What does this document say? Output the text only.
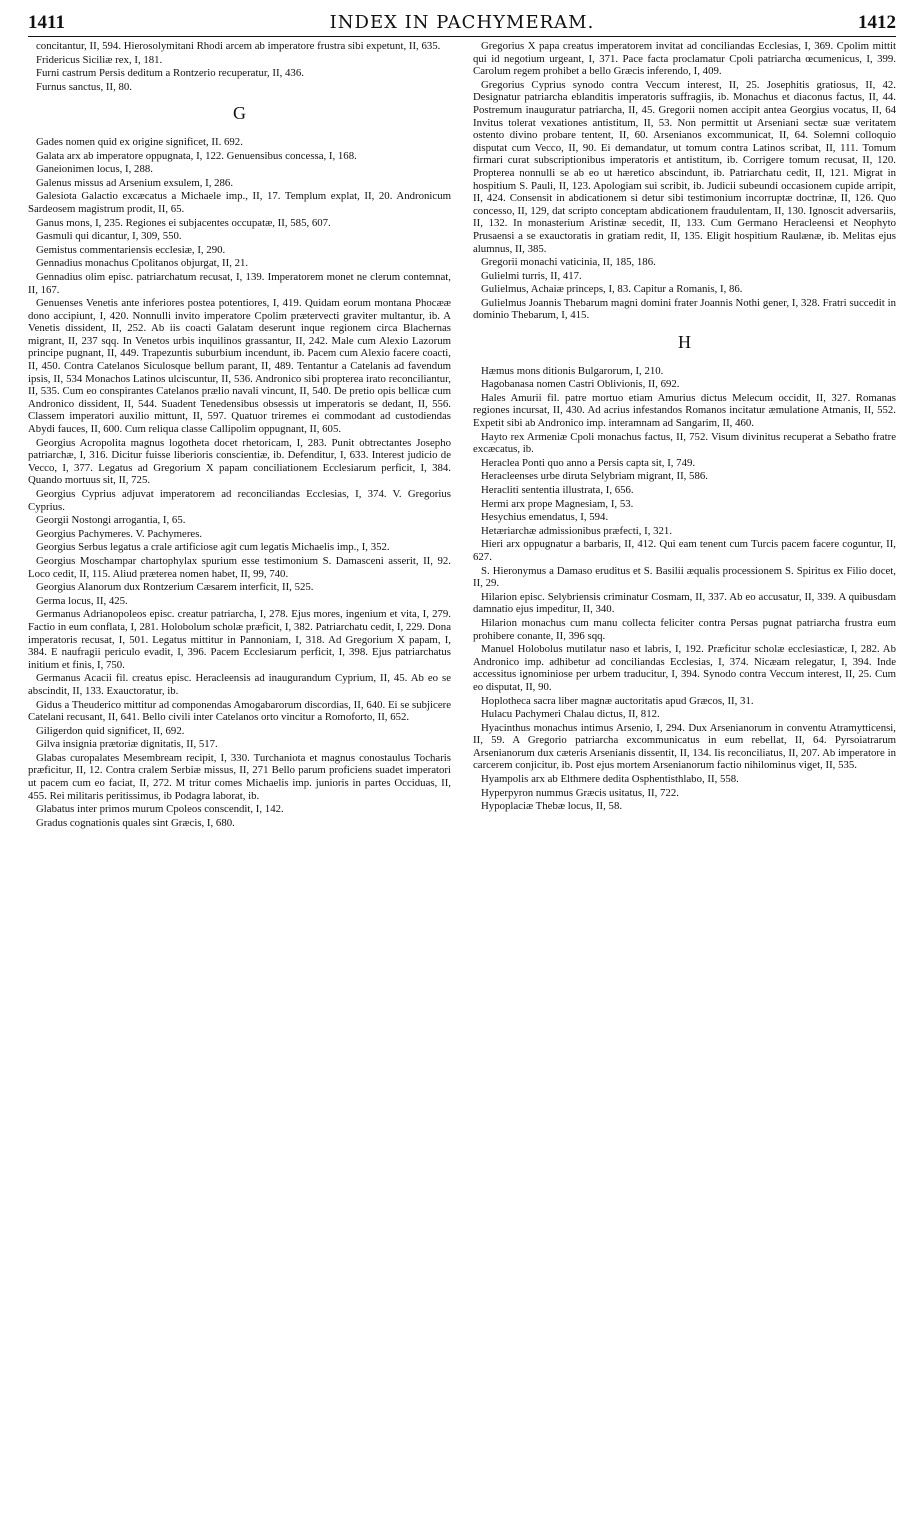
1411	INDEX IN PACHYMERAM.	1412

concitantur, II, 594. Hierosolymitani Rhodi arcem ab imperatore frustra sibi expetunt, II, 635.

Fridericus Siciliæ rex, I, 181.

Furni castrum Persis deditum a Rontzerio recuperatur, II, 436.

Furnus sanctus, II, 80.

G

Gades nomen quid ex origine significet, II. 692.

Galata arx ab imperatore oppugnata, I, 122. Genuensibus concessa, I, 168.

Ganeionimen locus, I, 288.

Galenus missus ad Arsenium exsulem, I, 286.

Galesiota Galactio excæcatus a Michaele imp., II, 17. Templum explat, II, 20. Andronicum Sardeosem magistrum prodit, II, 65.

Ganus mons, I, 235. Regiones ei subjacentes occupatæ, II, 585, 607.

Gasmuli qui dicantur, I, 309, 550.

Gemistus commentariensis ecclesiæ, I, 290.

Gennadius monachus Cpolitanos objurgat, II, 21.

Gennadius olim episc. patriarchatum recusat, I, 139. Imperatorem monet ne clerum contemnat, II, 167.

Genuenses Venetis ante inferiores postea potentiores, I, 419. Quidam eorum montana Phocææ dono accipiunt, I, 420. Nonnulli invito imperatore Cpolim prætervecti graviter multantur, ib. A Venetis dissident, II, 252. Ab iis coacti Galatam deserunt inque regionem circa Blachernas migrant, II, 237 sqq. In Venetos urbis inquilinos grassantur, II, 242. Male cum Alexio Lazorum principe pugnant, II, 449. Trapezuntis suburbium incendunt, ib. Pacem cum Alexio facere coacti, II, 450. Contra Catelanos Siculosque bellum parant, II, 489. Tentantur a Catelanis ad favendum ipsis, II, 534 Monachos Latinos ulciscuntur, II, 536. Andronico sibi propterea irato reconciliantur, II, 535. Cum eo conspirantes Catelanos prælio navali vincunt, II, 540. De pretio opis bellicæ cum Andronico dissident, II, 544. Suadent Tenedensibus obsessis ut imperatoris se dedant, II, 556. Classem imperatori auxilio mittunt, II, 597. Quatuor triremes ei commodant ad custodiendas Abydi fauces, II, 600. Cum reliqua classe Callipolim oppugnant, II, 605.

Georgius Acropolita magnus logotheta docet rhetoricam, I, 283. Punit obtrectantes Josepho patriarchæ, I, 316. Dicitur fuisse liberioris conscientiæ, ib. Defenditur, I, 633. Interest judicio de Vecco, I, 377. Legatus ad Gregorium X papam conciliationem Ecclesiarum perficit, I, 384. Quando mortuus sit, II, 725.

Georgius Cyprius adjuvat imperatorem ad reconciliandas Ecclesias, I, 374. V. Gregorius Cyprius.

Georgii Nostongi arrogantia, I, 65.

Georgius Pachymeres. V. Pachymeres.

Georgius Serbus legatus a crale artificiose agit cum legatis Michaelis imp., I, 352.

Georgius Moschampar chartophylax spurium esse testimonium S. Damasceni asserit, II, 92. Loco cedit, II, 115. Aliud præterea nomen habet, II, 99, 740.

Georgius Alanorum dux Rontzerium Cæsarem interficit, II, 525.

Germa locus, II, 425.

Germanus Adrianopoleos episc. creatur patriarcha, I, 278. Ejus mores, ingenium et vita, I, 279. Factio in eum conflata, I, 281. Holobolum scholæ præficit, I, 382. Patriarchatu cedit, I, 229. Dona imperatoris recusat, I, 501. Legatus mittitur in Pannoniam, I, 318. Ad Gregorium X papam, I, 384. E naufragii periculo evadit, I, 396. Pacem Ecclesiarum perficit, I, 398. Ejus patriarchatus initium et finis, I, 750.

Germanus Acacii fil. creatus episc. Heracleensis ad inaugurandum Cyprium, II, 45. Ab eo se abscindit, II, 133. Exauctoratur, ib.

Gidus a Theuderico mittitur ad componendas Amogabarorum discordias, II, 640. Ei se subjicere Catelani recusant, II, 641. Bello civili inter Catelanos orto vincitur a Romoforto, II, 652.

Giligerdon quid significet, II, 692.

Gilva insignia prætoriæ dignitatis, II, 517.

Glabas curopalates Mesembream recipit, I, 330. Turchaniota et magnus conostaulus Tocharis præficitur, II, 12. Contra cralem Serbiæ missus, II, 271 Bello parum proficiens suadet imperatori ut pacem cum eo faciat, II, 272. M tritur comes Michaelis imp. junioris in partes Occiduas, II, 455. Rei militaris peritissimus, ib Podagra laborat, ib.

Glabatus inter primos murum Cpoleos conscendit, I, 142.

Gradus cognationis quales sint Græcis, I, 680.

Gregorius X papa creatus imperatorem invitat ad conciliandas Ecclesias, I, 369. Cpolim mittit qui id negotium urgeant, I, 371. Pace facta proclamatur Cpoli patriarcha œcumenicus, I, 399. Carolum regem prohibet a bello Græcis inferendo, I, 409.

Gregorius Cyprius synodo contra Veccum interest, II, 25. Josephitis gratiosus, II, 42. Designatur patriarcha eblanditis imperatoris suffragiis, ib. Monachus et diaconus factus, II, 44. Postremum inauguratur patriarcha, II, 45. Gregorii nomen accipit antea Georgius vocatus, II, 64 Invitus tolerat vexationes antistitum, II, 53. Non permittit ut Arseniani sectæ suæ veritatem ostento divino probare tentent, II, 60. Arsenianos excommunicat, II, 64. Solemni colloquio disputat cum Vecco, II, 90. Ei demandatur, ut tomum contra Latinos scribat, II, 111. Tomum firmari curat subscriptionibus imperatoris et antistitum, ib. Corrigere tomum recusat, II, 120. Propterea nonnulli se ab eo ut hæretico abscindunt, ib. Patriarchatu cedit, II, 121. Migrat in hospitium S. Pauli, II, 123. Apologiam sui scribit, ib. Judicii subeundi occasionem cupide arripit, II, 424. Consensit in abdicationem si detur sibi testimonium incorruptæ doctrinæ, II, 126. Quo concesso, II, 129, dat scripto conceptam abdicationem fraudulentam, II, 130. Ignoscit adversariis, II, 132. In monasterium Aristinæ secedit, II, 133. Cum Germano Heracleensi et Neophyto Prusaensi a se exauctoratis in gratiam redit, II, 135. Eligit hospitium Raulænæ, ib. Melitas ejus alumnus, II, 385.

Gregorii monachi vaticinia, II, 185, 186.

Gulielmi turris, II, 417.

Gulielmus, Achaiæ princeps, I, 83. Capitur a Romanis, I, 86.

Gulielmus Joannis Thebarum magni domini frater Joannis Nothi gener, I, 328. Fratri succedit in dominio Thebarum, I, 415.

H

Hæmus mons ditionis Bulgarorum, I, 210.

Hagobanasa nomen Castri Oblivionis, II, 692.

Hales Amurii fil. patre mortuo etiam Amurius dictus Melecum occidit, II, 327. Romanas regiones incursat, II, 430. Ad acrius infestandos Romanos incitatur æmulatione Atmanis, II, 552. Expetit sibi ab Andronico imp. interamnam ad Sangarim, II, 460.

Hayto rex Armeniæ Cpoli monachus factus, II, 752. Visum divinitus recuperat a Sebatho fratre excæcatus, ib.

Heraclea Ponti quo anno a Persis capta sit, I, 749.

Heracleenses urbe diruta Selybriam migrant, II, 586.

Heracliti sententia illustrata, I, 656.

Hermi arx prope Magnesiam, I, 53.

Hesychius emendatus, I, 594.

Hetæriarchæ admissionibus præfecti, I, 321.

Hieri arx oppugnatur a barbaris, II, 412. Qui eam tenent cum Turcis pacem facere coguntur, II, 627.

S. Hieronymus a Damaso eruditus et S. Basilii æqualis processionem S. Spiritus ex Filio docet, II, 29.

Hilarion episc. Selybriensis criminatur Cosmam, II, 337. Ab eo accusatur, II, 339. A quibusdam damnatio ejus impeditur, II, 340.

Hilarion monachus cum manu collecta feliciter contra Persas pugnat patriarcha frustra eum prohibere conante, II, 396 sqq.

Manuel Holobolus mutilatur naso et labris, I, 192. Præficitur scholæ ecclesiasticæ, I, 282. Ab Andronico imp. adhibetur ad conciliandas Ecclesias, I, 374. Nicæam relegatur, I, 394. Inde accessitus ignominiose per urbem traducitur, I, 394. Synodo contra Veccum interest, II, 25. Cum eo disputat, II, 90.

Hoplotheca sacra liber magnæ auctoritatis apud Græcos, II, 31.

Hulacu Pachymeri Chalau dictus, II, 812.

Hyacinthus monachus intimus Arsenio, I, 294. Dux Arsenianorum in conventu Atramytticensi, II, 59. A Gregorio patriarcha excommunicatus in eum rebellat, II, 64. Pyrsoiatrarum Arsenianorum dux cæteris Arsenianis dissentit, II, 134. Iis reconciliatus, II, 207. Ab imperatore in carcerem conjicitur, ib. Post ejus mortem Arsenianorum factio nihilominus viget, II, 535.

Hyampolis arx ab Elthmere dedita Osphentisthlabo, II, 558.

Hyperpyron nummus Græcis usitatus, II, 722.

Hypoplaciæ Thebæ locus, II, 58.
